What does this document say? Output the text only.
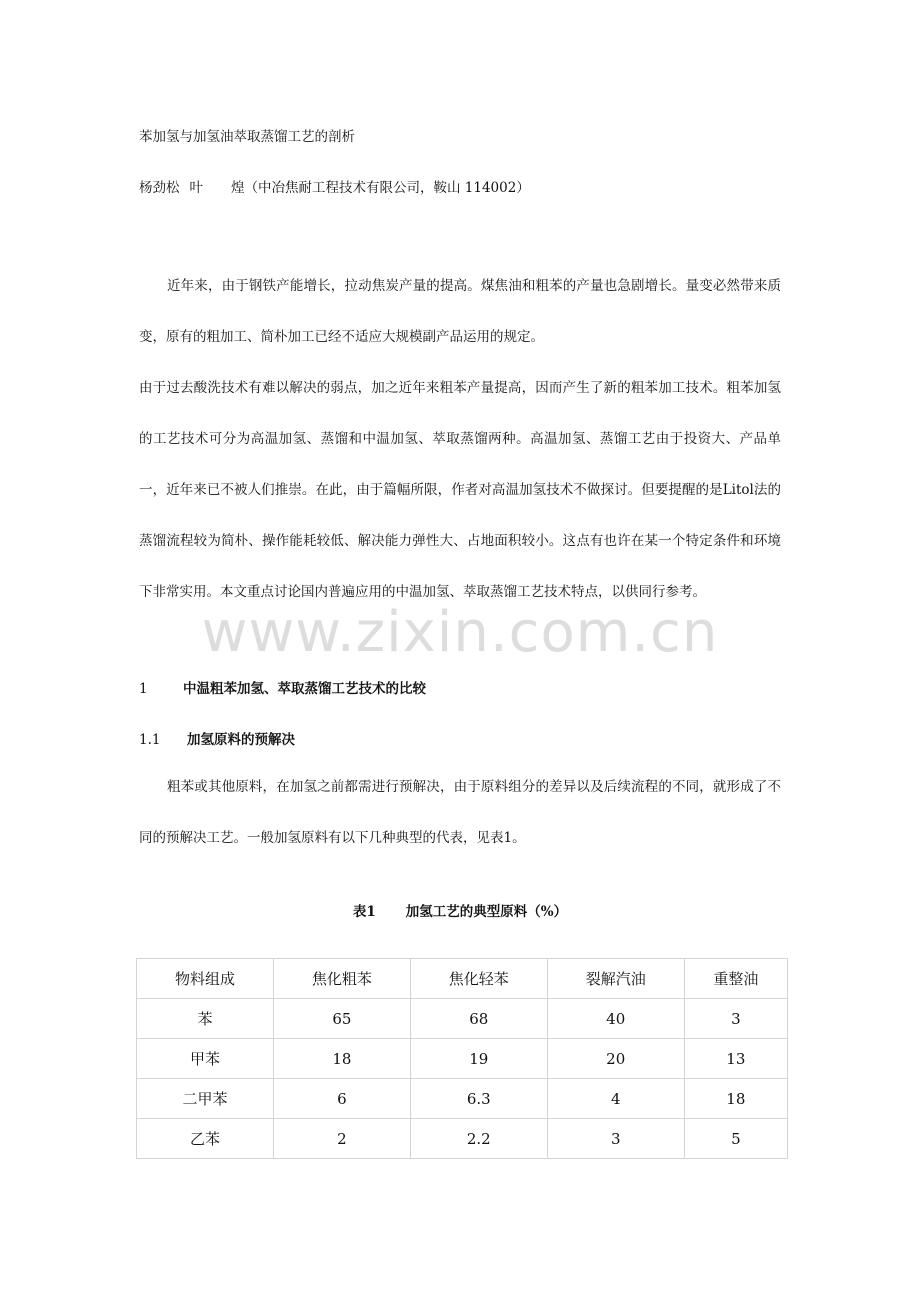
苯加氢与加氢油萃取蒸馏工艺的剖析
杨劲松 叶 煌（中冶焦耐工程技术有限公司，鞍山 114002）

近年来，由于钢铁产能增长，拉动焦炭产量的提高。煤焦油和粗苯的产量也急剧增长。量变必然带来质变，原有的粗加工、简朴加工已经不适应大规模副产品运用的规定。

由于过去酸洗技术有难以解决的弱点，加之近年来粗苯产量提高，因而产生了新的粗苯加工技术。粗苯加氢的工艺技术可分为高温加氢、蒸馏和中温加氢、萃取蒸馏两种。高温加氢、蒸馏工艺由于投资大、产品单一，近年来已不被人们推崇。在此，由于篇幅所限，作者对高温加氢技术不做探讨。但要提醒的是Litol法的蒸馏流程较为简朴、操作能耗较低、解决能力弹性大、占地面积较小。这点有也许在某一个特定条件和环境下非常实用。本文重点讨论国内普遍应用的中温加氢、萃取蒸馏工艺技术特点，以供同行参考。

www.zixin.com.cn
1	中温粗苯加氢、萃取蒸馏工艺技术的比较
1.1 加氢原料的预解决

粗苯或其他原料，在加氢之前都需进行预解决，由于原料组分的差异以及后续流程的不同，就形成了不同的预解决工艺。一般加氢原料有以下几种典型的代表，见表1。

表1 加氢工艺的典型原料（%）
物料组成	焦化粗苯	焦化轻苯	裂解汽油	重整油
苯	65	68	40	3
甲苯	18	19	20	13
二甲苯	6	6.3	4	18
乙苯	2	2.2	3	5
